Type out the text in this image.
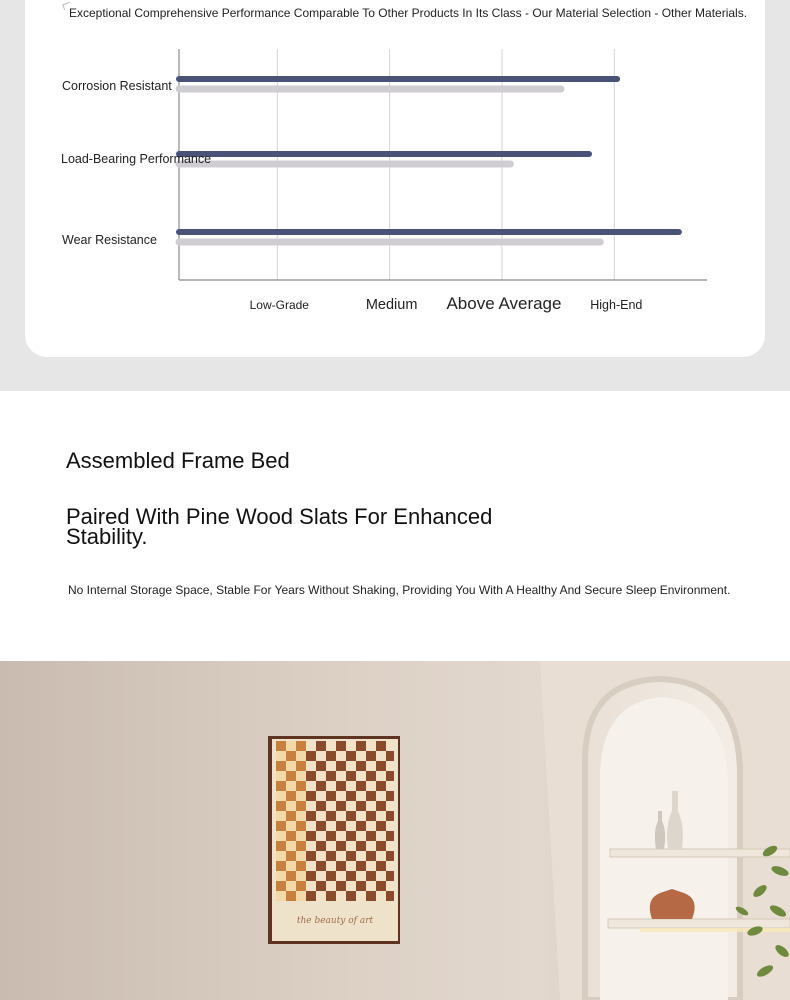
Exceptional Comprehensive Performance Comparable To Other Products In Its Class - Our Material Selection - Other Materials.
Low-Grade	Medium Above Average High-End
Corrosion Resistant
Load-Bearing Performance
Wear Resistance
Assembled Frame Bed
Paired With Pine Wood Slats For Enhanced Stability.
No Internal Storage Space, Stable For Years Without Shaking, Providing You With A Healthy And Secure Sleep Environment.
the beauty of art
